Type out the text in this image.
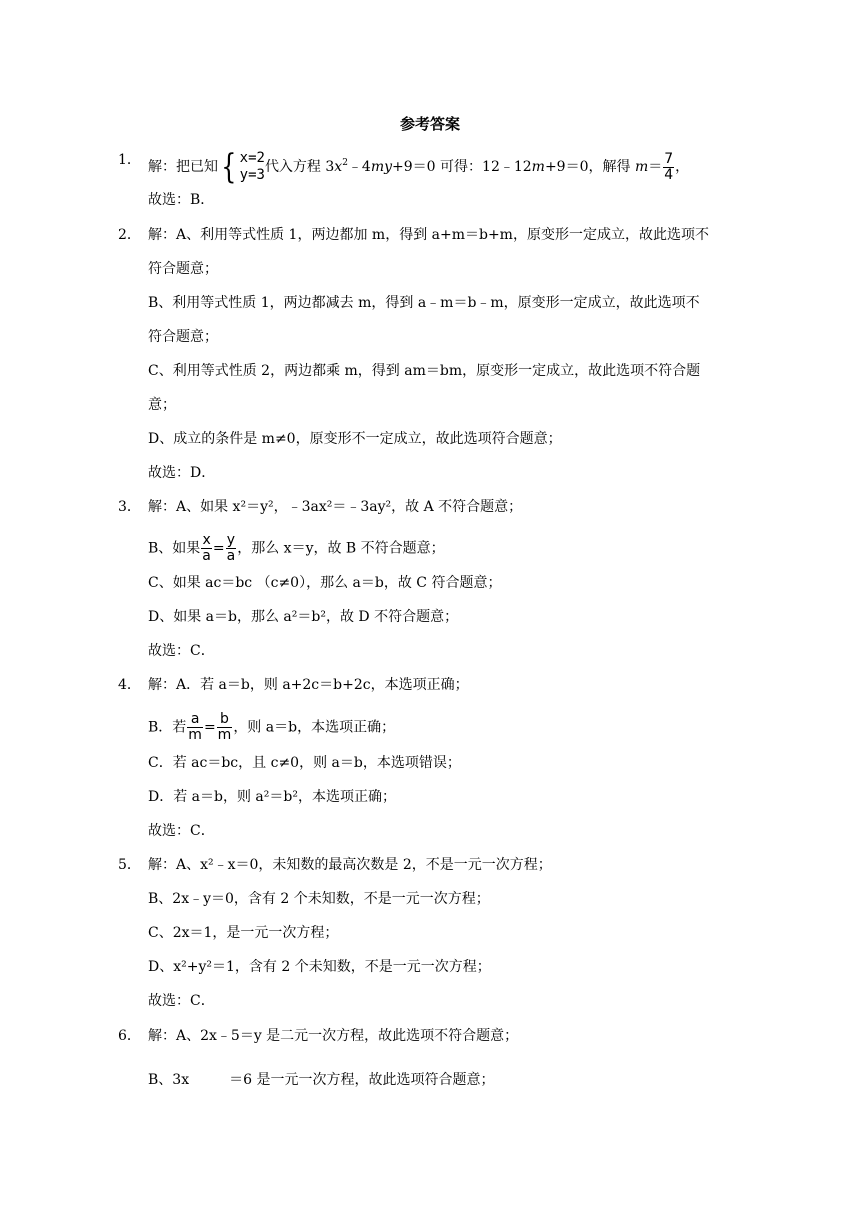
参考答案
1． 解：把已知{ x=2
y=3 代入方程 $3x^2﹣4my+9=0$ 可得：12﹣12m+9＝0，解得 $m= \frac{7}{4}$ ，
故选：B．
2． 解：A、利用等式性质 1，两边都加 m，得到 a+m＝b+m，原变形一定成立，故此选项不
符合题意；
B、利用等式性质 1，两边都减去 m，得到 a﹣m＝b﹣m，原变形一定成立，故此选项不
符合题意；
C、利用等式性质 2，两边都乘 m，得到 am＝bm，原变形一定成立，故此选项不符合题
意；
D、成立的条件是 m≠0，原变形不一定成立，故此选项符合题意；
故选：D．
3． 解：A、如果 x²＝y²，﹣3ax²＝﹣3ay²，故 A 不符合题意；
B、如果 $\frac{x}{a} = \frac{y}{a}$ ，那么 x＝y，故 B 不符合题意；
C、如果 ac＝bc （c≠0），那么 a＝b，故 C 符合题意；
D、如果 a＝b，那么 a²＝b²，故 D 不符合题意；
故选：C．
4． 解：A．若 a＝b，则 a+2c＝b+2c，本选项正确；
B．若 $\frac{a}{m} = \frac{b}{m}$ ，则 a＝b，本选项正确；
C．若 ac＝bc，且 c≠0，则 a＝b，本选项错误；
D．若 a＝b，则 a²＝b²，本选项正确；
故选：C．
5． 解：A、x²﹣x＝0，未知数的最高次数是 2，不是一元一次方程；
B、2x﹣y＝0，含有 2 个未知数，不是一元一次方程；
C、2x＝1，是一元一次方程；
D、x²+y²＝1，含有 2 个未知数，不是一元一次方程；
故选：C．
6． 解：A、2x﹣5＝y 是二元一次方程，故此选项不符合题意；
B、3x	＝6 是一元一次方程，故此选项符合题意；
